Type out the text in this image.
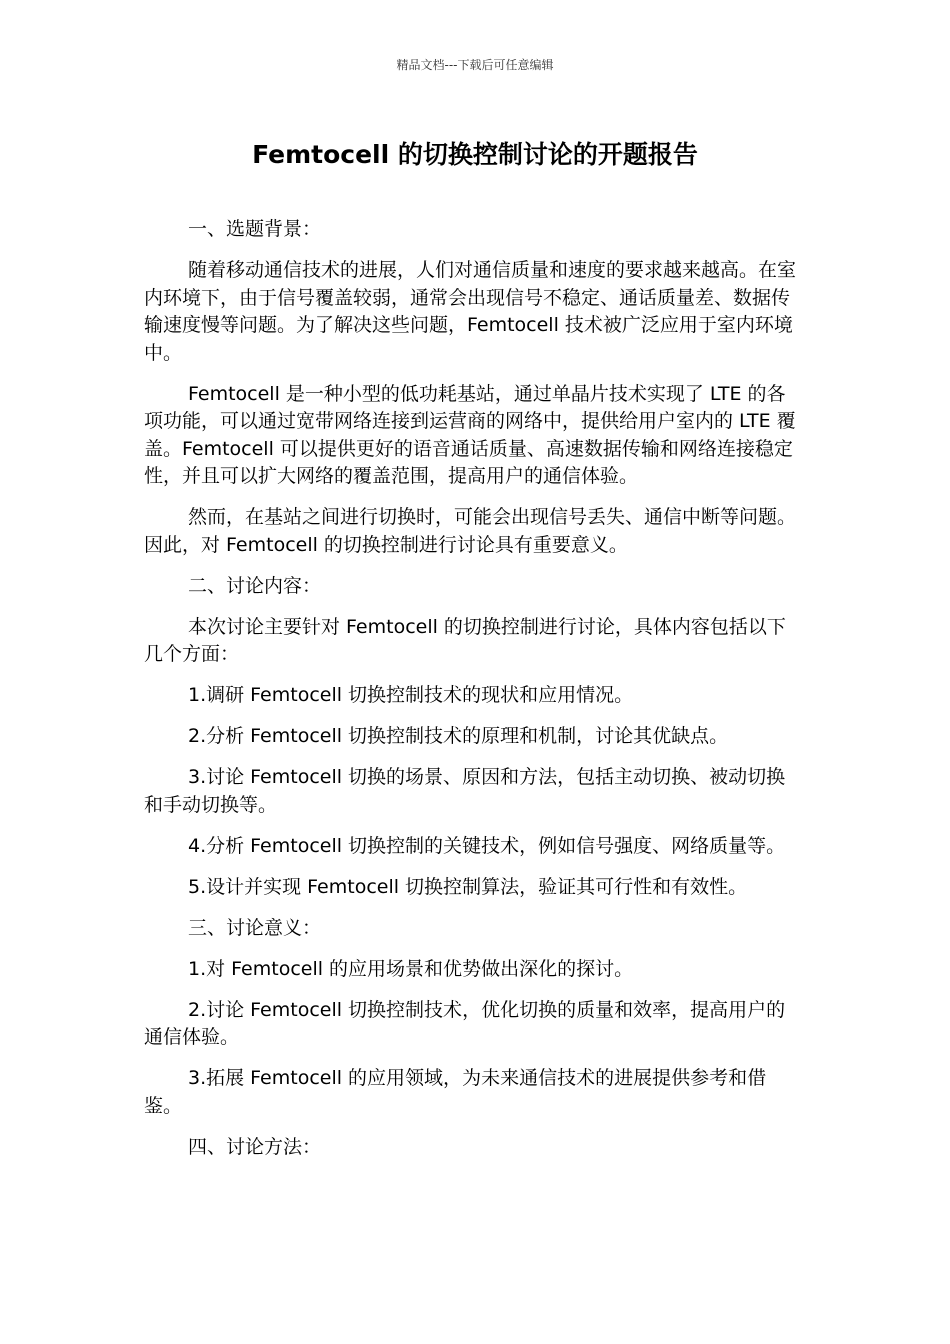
精品文档---下载后可任意编辑
Femtocell 的切换控制讨论的开题报告

一、选题背景：

随着移动通信技术的进展，人们对通信质量和速度的要求越来越高。在室内环境下，由于信号覆盖较弱，通常会出现信号不稳定、通话质量差、数据传输速度慢等问题。为了解决这些问题，Femtocell 技术被广泛应用于室内环境中。

Femtocell 是一种小型的低功耗基站，通过单晶片技术实现了 LTE 的各项功能，可以通过宽带网络连接到运营商的网络中，提供给用户室内的 LTE 覆盖。Femtocell 可以提供更好的语音通话质量、高速数据传输和网络连接稳定性，并且可以扩大网络的覆盖范围，提高用户的通信体验。

然而，在基站之间进行切换时，可能会出现信号丢失、通信中断等问题。因此，对 Femtocell 的切换控制进行讨论具有重要意义。

二、讨论内容：

本次讨论主要针对 Femtocell 的切换控制进行讨论，具体内容包括以下几个方面：

1.调研 Femtocell 切换控制技术的现状和应用情况。

2.分析 Femtocell 切换控制技术的原理和机制，讨论其优缺点。

3.讨论 Femtocell 切换的场景、原因和方法，包括主动切换、被动切换和手动切换等。

4.分析 Femtocell 切换控制的关键技术，例如信号强度、网络质量等。

5.设计并实现 Femtocell 切换控制算法，验证其可行性和有效性。

三、讨论意义：

1.对 Femtocell 的应用场景和优势做出深化的探讨。

2.讨论 Femtocell 切换控制技术，优化切换的质量和效率，提高用户的通信体验。

3.拓展 Femtocell 的应用领域，为未来通信技术的进展提供参考和借鉴。

四、讨论方法：
